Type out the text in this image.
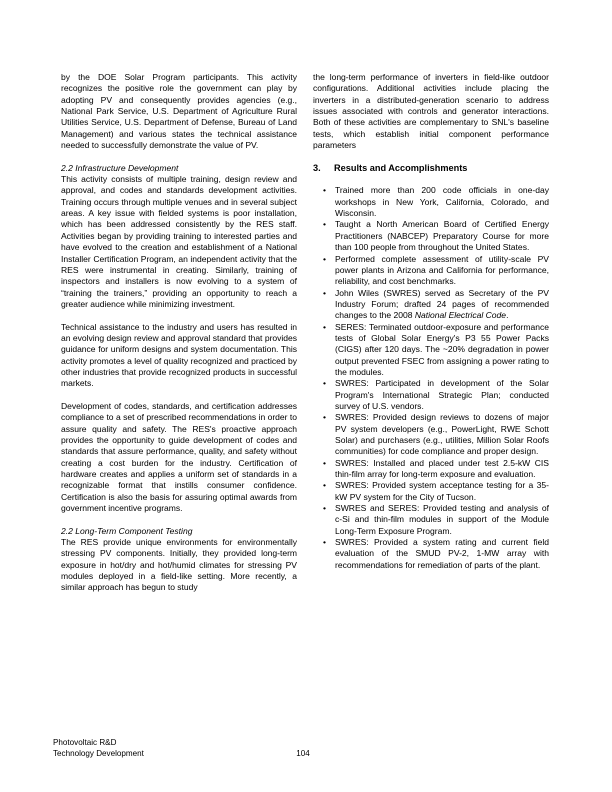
by the DOE Solar Program participants. This activity recognizes the positive role the government can play by adopting PV and consequently provides agencies (e.g., National Park Service, U.S. Department of Agriculture Rural Utilities Service, U.S. Department of Defense, Bureau of Land Management) and various states the technical assistance needed to successfully demonstrate the value of PV.

2.2 Infrastructure Development

This activity consists of multiple training, design review and approval, and codes and standards development activities. Training occurs through multiple venues and in several subject areas. A key issue with fielded systems is poor installation, which has been addressed consistently by the RES staff. Activities began by providing training to interested parties and have evolved to the creation and establishment of a National Installer Certification Program, an independent activity that the RES were instrumental in creating. Similarly, training of inspectors and installers is now evolving to a system of “training the trainers,” providing an opportunity to reach a greater audience while minimizing investment.

Technical assistance to the industry and users has resulted in an evolving design review and approval standard that provides guidance for uniform designs and system documentation. This activity promotes a level of quality recognized and practiced by other industries that provide recognized products in successful markets.

Development of codes, standards, and certification addresses compliance to a set of prescribed recommendations in order to assure quality and safety. The RES's proactive approach provides the opportunity to guide development of codes and standards that assure performance, quality, and safety without creating a cost burden for the industry. Certification of hardware creates and applies a uniform set of standards in a recognizable format that instills consumer confidence. Certification is also the basis for assuring optimal awards from government incentive programs.

2.2 Long-Term Component Testing

The RES provide unique environments for environmentally stressing PV components. Initially, they provided long-term exposure in hot/dry and hot/humid climates for stressing PV modules deployed in a field-like setting. More recently, a similar approach has begun to study

the long-term performance of inverters in field-like outdoor configurations. Additional activities include placing the inverters in a distributed-generation scenario to address issues associated with controls and generator interactions. Both of these activities are complementary to SNL's baseline tests, which establish initial component performance parameters

3.	Results and Accomplishments
•	Trained more than 200 code officials in one-day workshops in New York, California, Colorado, and Wisconsin.
•	Taught a North American Board of Certified Energy Practitioners (NABCEP) Preparatory Course for more than 100 people from throughout the United States.
•	Performed complete assessment of utility-scale PV power plants in Arizona and California for performance, reliability, and cost benchmarks.
•	John Wiles (SWRES) served as Secretary of the PV Industry Forum; drafted 24 pages of recommended changes to the 2008 National Electrical Code.
•	SERES: Terminated outdoor-exposure and performance tests of Global Solar Energy's P3 55 Power Packs (CIGS) after 120 days. The ~20% degradation in power output prevented FSEC from assigning a power rating to the modules.
•	SWRES: Participated in development of the Solar Program's International Strategic Plan; conducted survey of U.S. vendors.
•	SWRES: Provided design reviews to dozens of major PV system developers (e.g., PowerLight, RWE Schott Solar) and purchasers (e.g., utilities, Million Solar Roofs communities) for code compliance and proper design.
•	SWRES: Installed and placed under test 2.5-kW CIS thin-film array for long-term exposure and evaluation.
•	SWRES: Provided system acceptance testing for a 35-kW PV system for the City of Tucson.
•	SWRES and SERES: Provided testing and analysis of c-Si and thin-film modules in support of the Module Long-Term Exposure Program.
•	SWRES: Provided a system rating and current field evaluation of the SMUD PV-2, 1-MW array with recommendations for remediation of parts of the plant.
Photovoltaic R&D
Technology Development	104
